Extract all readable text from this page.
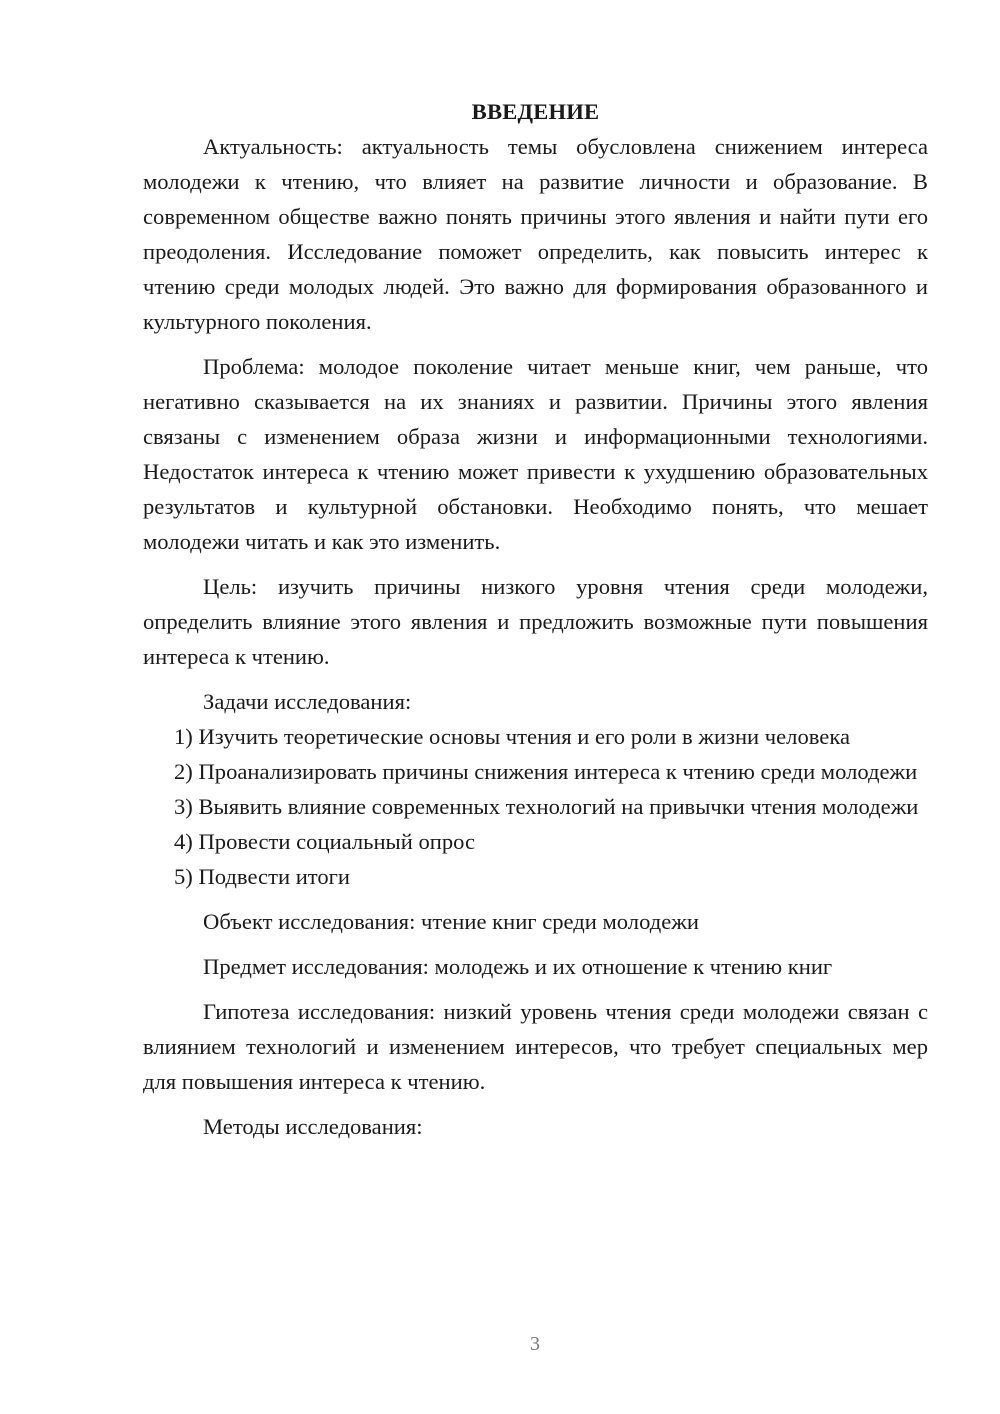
ВВЕДЕНИЕ

Актуальность: актуальность темы обусловлена снижением интереса молодежи к чтению, что влияет на развитие личности и образование. В современном обществе важно понять причины этого явления и найти пути его преодоления. Исследование поможет определить, как повысить интерес к чтению среди молодых людей. Это важно для формирования образованного и культурного поколения.

Проблема: молодое поколение читает меньше книг, чем раньше, что негативно сказывается на их знаниях и развитии. Причины этого явления связаны с изменением образа жизни и информационными технологиями. Недостаток интереса к чтению может привести к ухудшению образовательных результатов и культурной обстановки. Необходимо понять, что мешает молодежи читать и как это изменить.

Цель: изучить причины низкого уровня чтения среди молодежи, определить влияние этого явления и предложить возможные пути повышения интереса к чтению.

Задачи исследования:

1) Изучить теоретические основы чтения и его роли в жизни человека

2) Проанализировать причины снижения интереса к чтению среди молодежи

3) Выявить влияние современных технологий на привычки чтения молодежи

4) Провести социальный опрос

5) Подвести итоги

Объект исследования: чтение книг среди молодежи

Предмет исследования: молодежь и их отношение к чтению книг

Гипотеза исследования: низкий уровень чтения среди молодежи связан с влиянием технологий и изменением интересов, что требует специальных мер для повышения интереса к чтению.

Методы исследования:

3
